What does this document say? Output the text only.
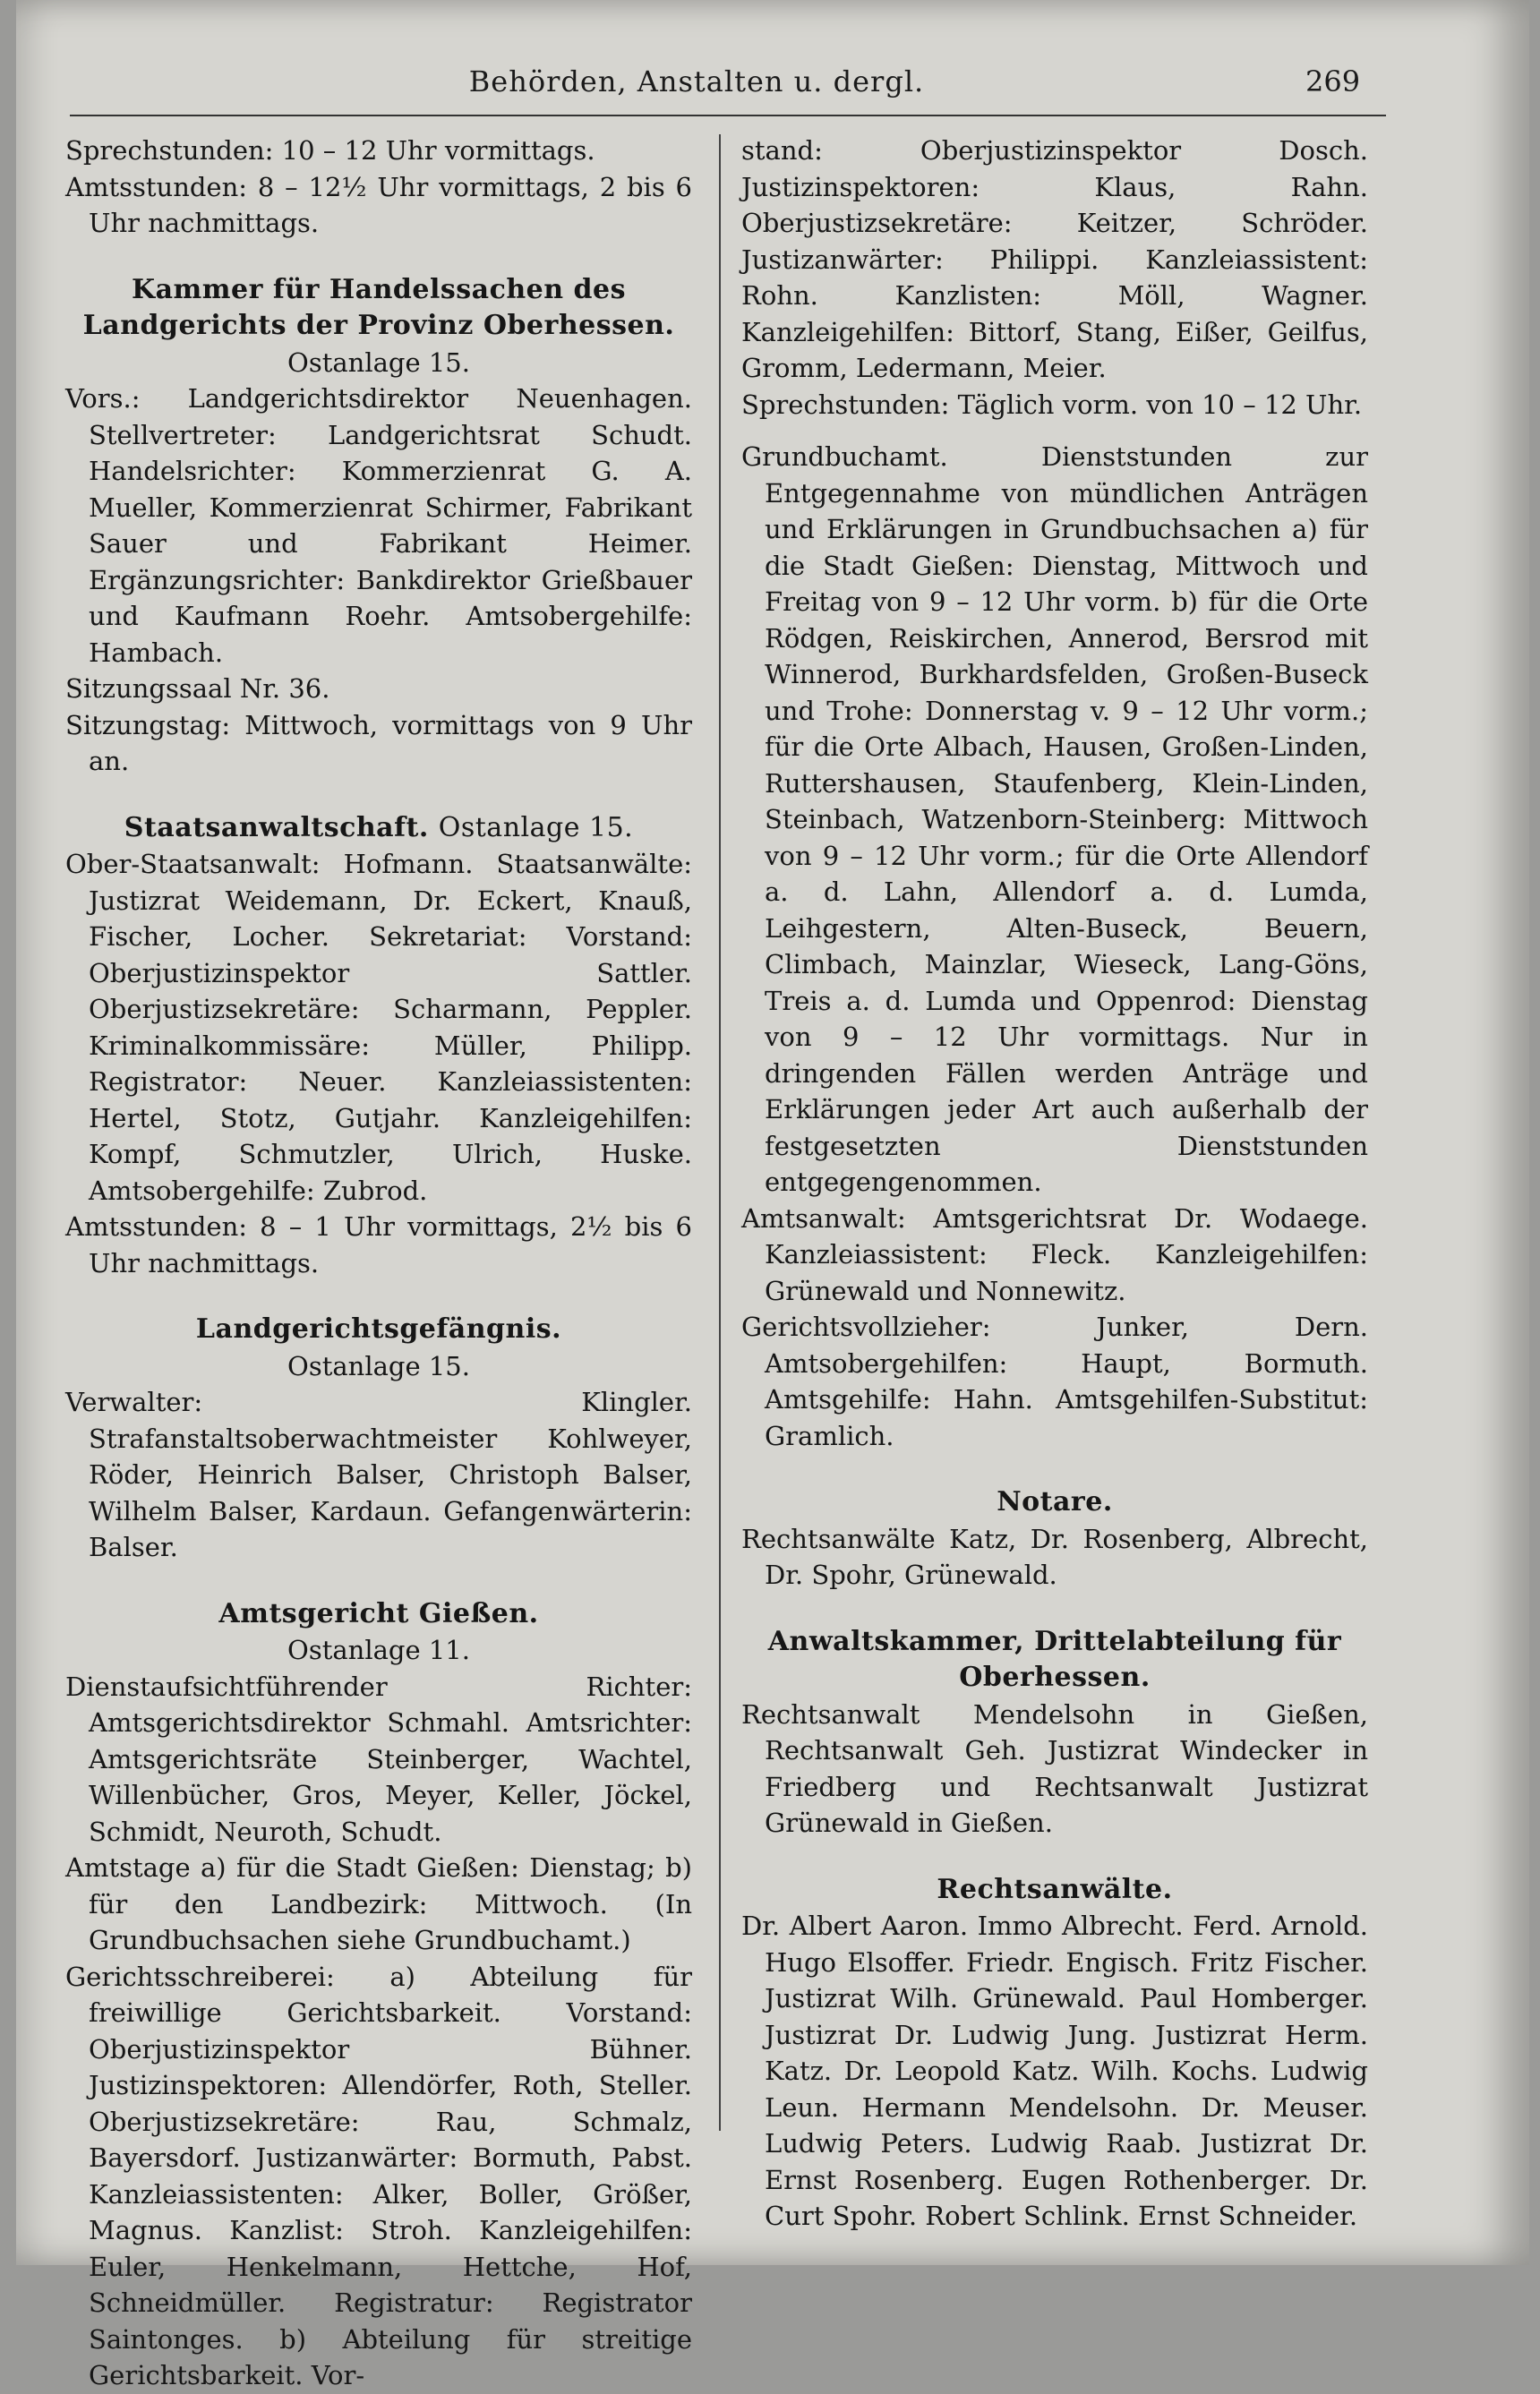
Behörden, Anstalten u. dergl.	269

Sprechstunden: 10 – 12 Uhr vormittags.

Amtsstunden: 8 – 12½ Uhr vormittags, 2 bis 6 Uhr nachmittags.

Kammer für Handelssachen des Landgerichts der Provinz Oberhessen.
Ostanlage 15.

Vors.: Landgerichtsdirektor Neuenhagen. Stellvertreter: Landgerichtsrat Schudt. Handelsrichter: Kommerzienrat G. A. Mueller, Kommerzienrat Schirmer, Fabrikant Sauer und Fabrikant Heimer. Ergänzungsrichter: Bankdirektor Grießbauer und Kaufmann Roehr. Amtsobergehilfe: Hambach.

Sitzungssaal Nr. 36.

Sitzungstag: Mittwoch, vormittags von 9 Uhr an.

Staatsanwaltschaft. Ostanlage 15.

Ober-Staatsanwalt: Hofmann. Staatsanwälte: Justizrat Weidemann, Dr. Eckert, Knauß, Fischer, Locher. Sekretariat: Vorstand: Oberjustizinspektor Sattler. Oberjustizsekretäre: Scharmann, Peppler. Kriminalkommissäre: Müller, Philipp. Registrator: Neuer. Kanzleiassistenten: Hertel, Stotz, Gutjahr. Kanzleigehilfen: Kompf, Schmutzler, Ulrich, Huske. Amtsobergehilfe: Zubrod.

Amtsstunden: 8 – 1 Uhr vormittags, 2½ bis 6 Uhr nachmittags.

Landgerichtsgefängnis.
Ostanlage 15.

Verwalter: Klingler. Strafanstaltsoberwachtmeister Kohlweyer, Röder, Heinrich Balser, Christoph Balser, Wilhelm Balser, Kardaun. Gefangenwärterin: Balser.

Amtsgericht Gießen.
Ostanlage 11.

Dienstaufsichtführender Richter: Amtsgerichtsdirektor Schmahl. Amtsrichter: Amtsgerichtsräte Steinberger, Wachtel, Willenbücher, Gros, Meyer, Keller, Jöckel, Schmidt, Neuroth, Schudt.

Amtstage a) für die Stadt Gießen: Dienstag; b) für den Landbezirk: Mittwoch. (In Grundbuchsachen siehe Grundbuchamt.)

Gerichtsschreiberei: a) Abteilung für freiwillige Gerichtsbarkeit. Vorstand: Oberjustizinspektor Bühner. Justizinspektoren: Allendörfer, Roth, Steller. Oberjustizsekretäre: Rau, Schmalz, Bayersdorf. Justizanwärter: Bormuth, Pabst. Kanzleiassistenten: Alker, Boller, Größer, Magnus. Kanzlist: Stroh. Kanzleigehilfen: Euler, Henkelmann, Hettche, Hof, Schneidmüller. Registratur: Registrator Saintonges. b) Abteilung für streitige Gerichtsbarkeit. Vor-

stand: Oberjustizinspektor Dosch. Justizinspektoren: Klaus, Rahn. Oberjustizsekretäre: Keitzer, Schröder. Justizanwärter: Philippi. Kanzleiassistent: Rohn. Kanzlisten: Möll, Wagner. Kanzleigehilfen: Bittorf, Stang, Eißer, Geilfus, Gromm, Ledermann, Meier.

Sprechstunden: Täglich vorm. von 10 – 12 Uhr.

Grundbuchamt. Dienststunden zur Entgegennahme von mündlichen Anträgen und Erklärungen in Grundbuchsachen a) für die Stadt Gießen: Dienstag, Mittwoch und Freitag von 9 – 12 Uhr vorm. b) für die Orte Rödgen, Reiskirchen, Annerod, Bersrod mit Winnerod, Burkhardsfelden, Großen-Buseck und Trohe: Donnerstag v. 9 – 12 Uhr vorm.; für die Orte Albach, Hausen, Großen-Linden, Ruttershausen, Staufenberg, Klein-Linden, Steinbach, Watzenborn-Steinberg: Mittwoch von 9 – 12 Uhr vorm.; für die Orte Allendorf a. d. Lahn, Allendorf a. d. Lumda, Leihgestern, Alten-Buseck, Beuern, Climbach, Mainzlar, Wieseck, Lang-Göns, Treis a. d. Lumda und Oppenrod: Dienstag von 9 – 12 Uhr vormittags. Nur in dringenden Fällen werden Anträge und Erklärungen jeder Art auch außerhalb der festgesetzten Dienststunden entgegengenommen.

Amtsanwalt: Amtsgerichtsrat Dr. Wodaege. Kanzleiassistent: Fleck. Kanzleigehilfen: Grünewald und Nonnewitz.

Gerichtsvollzieher: Junker, Dern. Amtsobergehilfen: Haupt, Bormuth. Amtsgehilfe: Hahn. Amtsgehilfen-Substitut: Gramlich.

Notare.

Rechtsanwälte Katz, Dr. Rosenberg, Albrecht, Dr. Spohr, Grünewald.

Anwaltskammer, Drittelabteilung für Oberhessen.

Rechtsanwalt Mendelsohn in Gießen, Rechtsanwalt Geh. Justizrat Windecker in Friedberg und Rechtsanwalt Justizrat Grünewald in Gießen.

Rechtsanwälte.

Dr. Albert Aaron. Immo Albrecht. Ferd. Arnold. Hugo Elsoffer. Friedr. Engisch. Fritz Fischer. Justizrat Wilh. Grünewald. Paul Homberger. Justizrat Dr. Ludwig Jung. Justizrat Herm. Katz. Dr. Leopold Katz. Wilh. Kochs. Ludwig Leun. Hermann Mendelsohn. Dr. Meuser. Ludwig Peters. Ludwig Raab. Justizrat Dr. Ernst Rosenberg. Eugen Rothenberger. Dr. Curt Spohr. Robert Schlink. Ernst Schneider.
